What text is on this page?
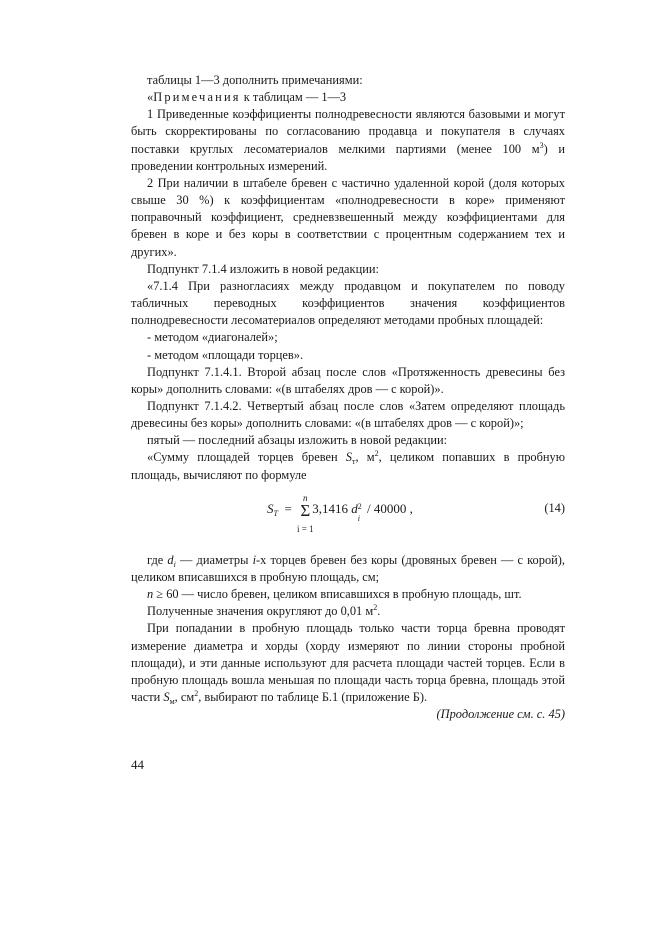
таблицы 1—3 дополнить примечаниями:

«Примечания к таблицам — 1—3

1 Приведенные коэффициенты полнодревесности являются базовыми и могут быть скорректированы по согласованию продавца и покупателя в случаях поставки круглых лесоматериалов мелкими партиями (менее 100 $м^3$) и проведении контрольных измерений.

2 При наличии в штабеле бревен с частично удаленной корой (доля которых свыше 30 %) к коэффициентам «полнодревесности в коре» применяют поправочный коэффициент, средневзвешенный между коэффициентами для бревен в коре и без коры в соответствии с процентным содержанием тех и других».

Подпункт 7.1.4 изложить в новой редакции:

«7.1.4 При разногласиях между продавцом и покупателем по поводу табличных переводных коэффициентов значения коэффициентов полнодревесности лесоматериалов определяют методами пробных площадей:

- методом «диагоналей»;

- методом «площади торцев».

Подпункт 7.1.4.1. Второй абзац после слов «Протяженность древесины без коры» дополнить словами: «(в штабелях дров — с корой)».

Подпункт 7.1.4.2. Четвертый абзац после слов «Затем определяют площадь древесины без коры» дополнить словами: «(в штабелях дров — с корой)»;

пятый — последний абзацы изложить в новой редакции:

«Сумму площадей торцев бревен $S_т$, $м^2$, целиком попавших в пробную площадь, вычисляют по формуле

$S_T$ =
n
Σ
i = 1
3,1416 d 2
i
/ 40000 ,	(14)

где $d_i$ — диаметры i-х торцев бревен без коры (дровяных бревен — с корой), целиком вписавшихся в пробную площадь, см;

n ≥ 60 — число бревен, целиком вписавшихся в пробную площадь, шт.

Полученные значения округляют до 0,01 $м^2$.

При попадании в пробную площадь только части торца бревна проводят измерение диаметра и хорды (хорду измеряют по линии стороны пробной площади), и эти данные используют для расчета площади частей торцев. Если в пробную площадь вошла меньшая по площади часть торца бревна, площадь этой части $S_м$, $см^2$, выбирают по таблице Б.1 (приложение Б).

(Продолжение см. с. 45)

44
